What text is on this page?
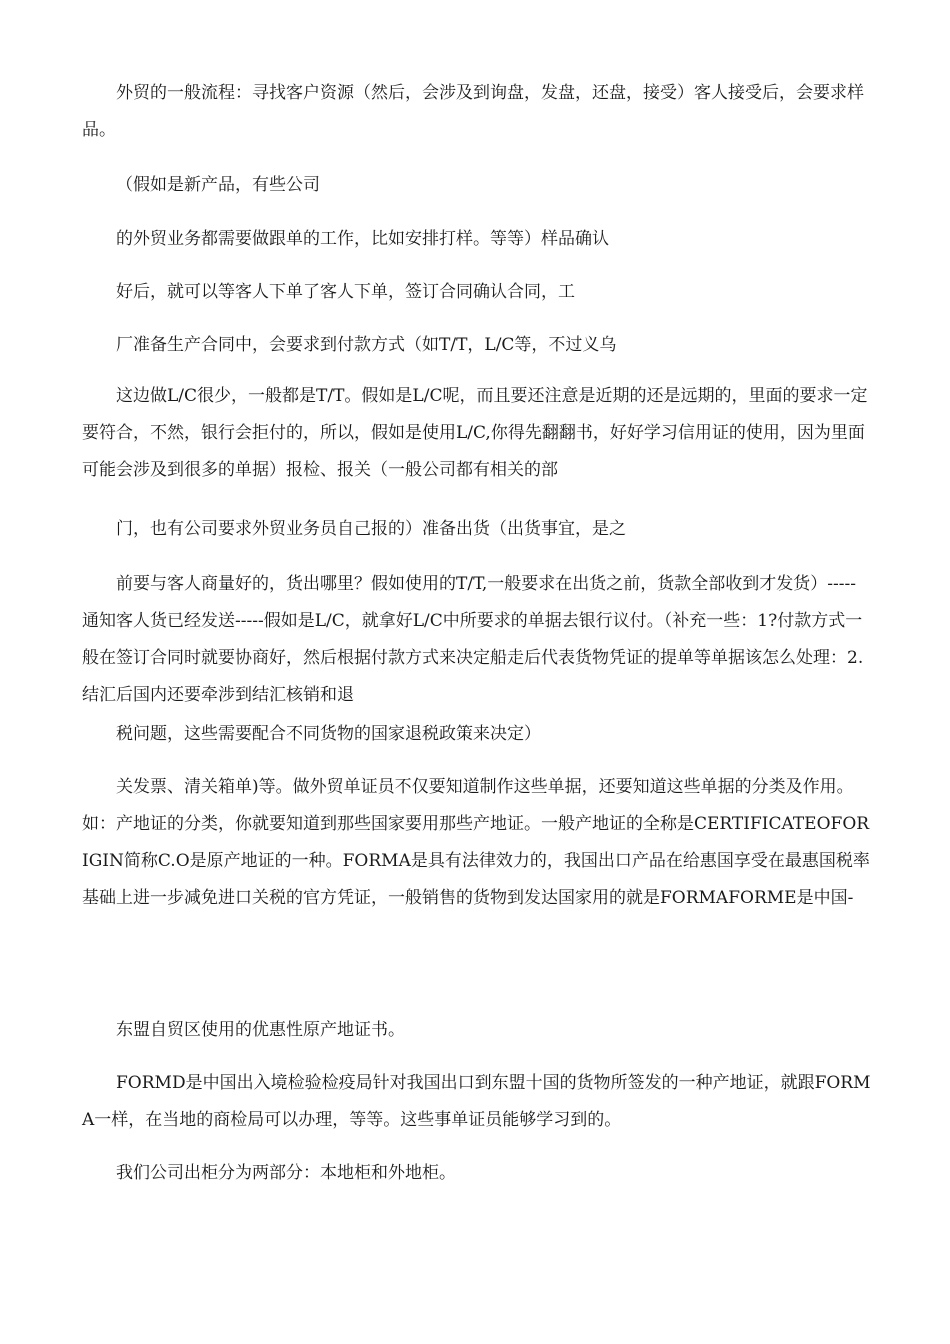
外贸的一般流程：寻找客户资源（然后，会涉及到询盘，发盘，还盘，接受）客人接受后，会要求样品。

（假如是新产品，有些公司

的外贸业务都需要做跟单的工作，比如安排打样。等等）样品确认

好后，就可以等客人下单了客人下单，签订合同确认合同，工

厂准备生产合同中，会要求到付款方式（如T/T，L/C等，不过义乌

这边做L/C很少，一般都是T/T。假如是L/C呢，而且要还注意是近期的还是远期的，里面的要求一定要符合，不然，银行会拒付的，所以，假如是使用L/C,你得先翻翻书，好好学习信用证的使用，因为里面可能会涉及到很多的单据）报检、报关（一般公司都有相关的部

门，也有公司要求外贸业务员自己报的）准备出货（出货事宜，是之

前要与客人商量好的，货出哪里？假如使用的T/T,一般要求在出货之前，货款全部收到才发货）-----通知客人货已经发送-----假如是L/C，就拿好L/C中所要求的单据去银行议付。（补充一些：1?付款方式一般在签订合同时就要协商好，然后根据付款方式来决定船走后代表货物凭证的提单等单据该怎么处理：2.结汇后国内还要牵涉到结汇核销和退

税问题，这些需要配合不同货物的国家退税政策来决定）

关发票、清关箱单)等。做外贸单证员不仅要知道制作这些单据，还要知道这些单据的分类及作用。如：产地证的分类，你就要知道到那些国家要用那些产地证。一般产地证的全称是CERTIFICATEOFORIGIN简称C.O是原产地证的一种。FORMA是具有法律效力的，我国出口产品在给惠国享受在最惠国税率基础上进一步减免进口关税的官方凭证，一般销售的货物到发达国家用的就是FORMAFORME是中国-

东盟自贸区使用的优惠性原产地证书。

FORMD是中国出入境检验检疫局针对我国出口到东盟十国的货物所签发的一种产地证，就跟FORMA一样，在当地的商检局可以办理，等等。这些事单证员能够学习到的。

我们公司出柜分为两部分：本地柜和外地柜。
